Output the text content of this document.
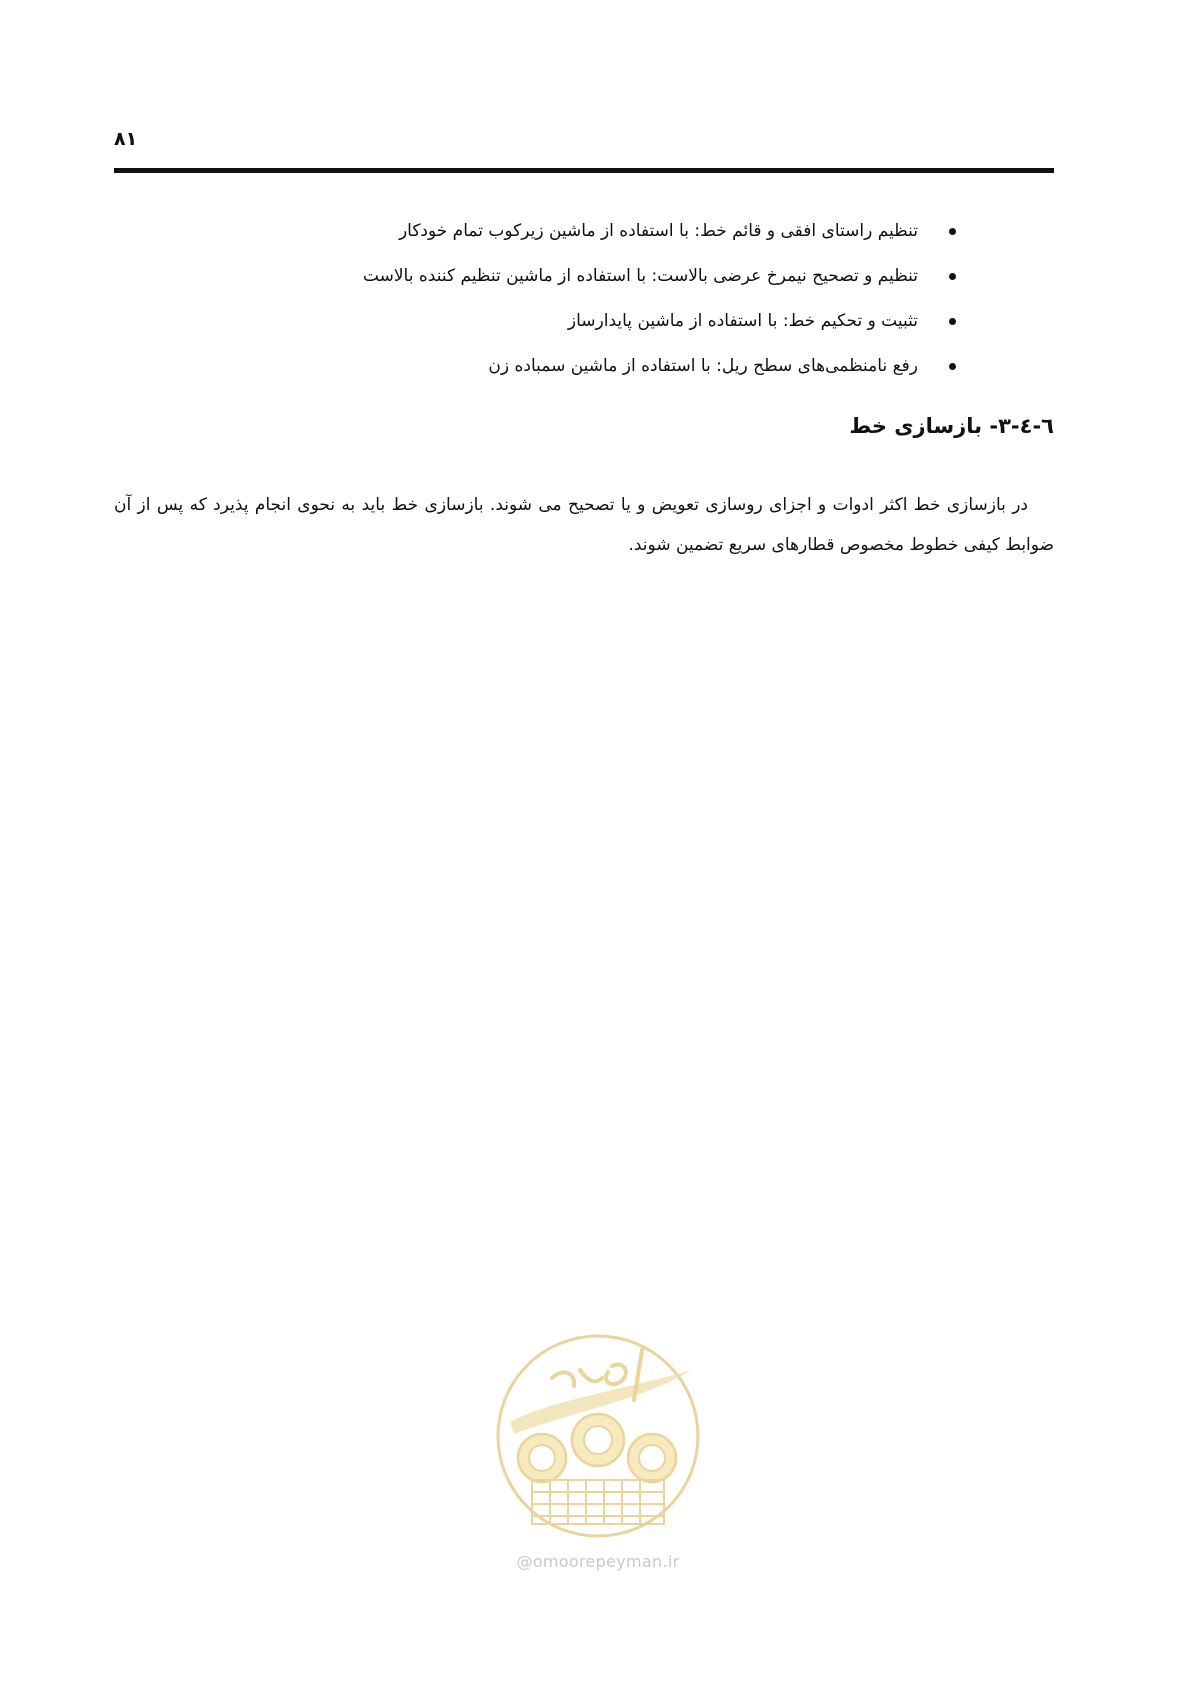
۸۱
تنظیم راستای افقی و قائم خط: با استفاده از ماشین زیرکوب تمام خودکار
تنظیم و تصحیح نیمرخ عرضی بالاست: با استفاده از ماشین تنظیم کننده بالاست
تثبیت و تحکیم خط: با استفاده از ماشین پایدارساز
رفع نامنظمی‌های سطح ریل: با استفاده از ماشین سمباده زن
٦-٤-٣- بازسازی خط

در بازسازی خط اکثر ادوات و اجزای روسازی تعویض و یا تصحیح می شوند. بازسازی خط باید به نحوی انجام پذیرد که پس از آن ضوابط کیفی خطوط مخصوص قطارهای سریع تضمین شوند.

@omoorepeyman.ir
